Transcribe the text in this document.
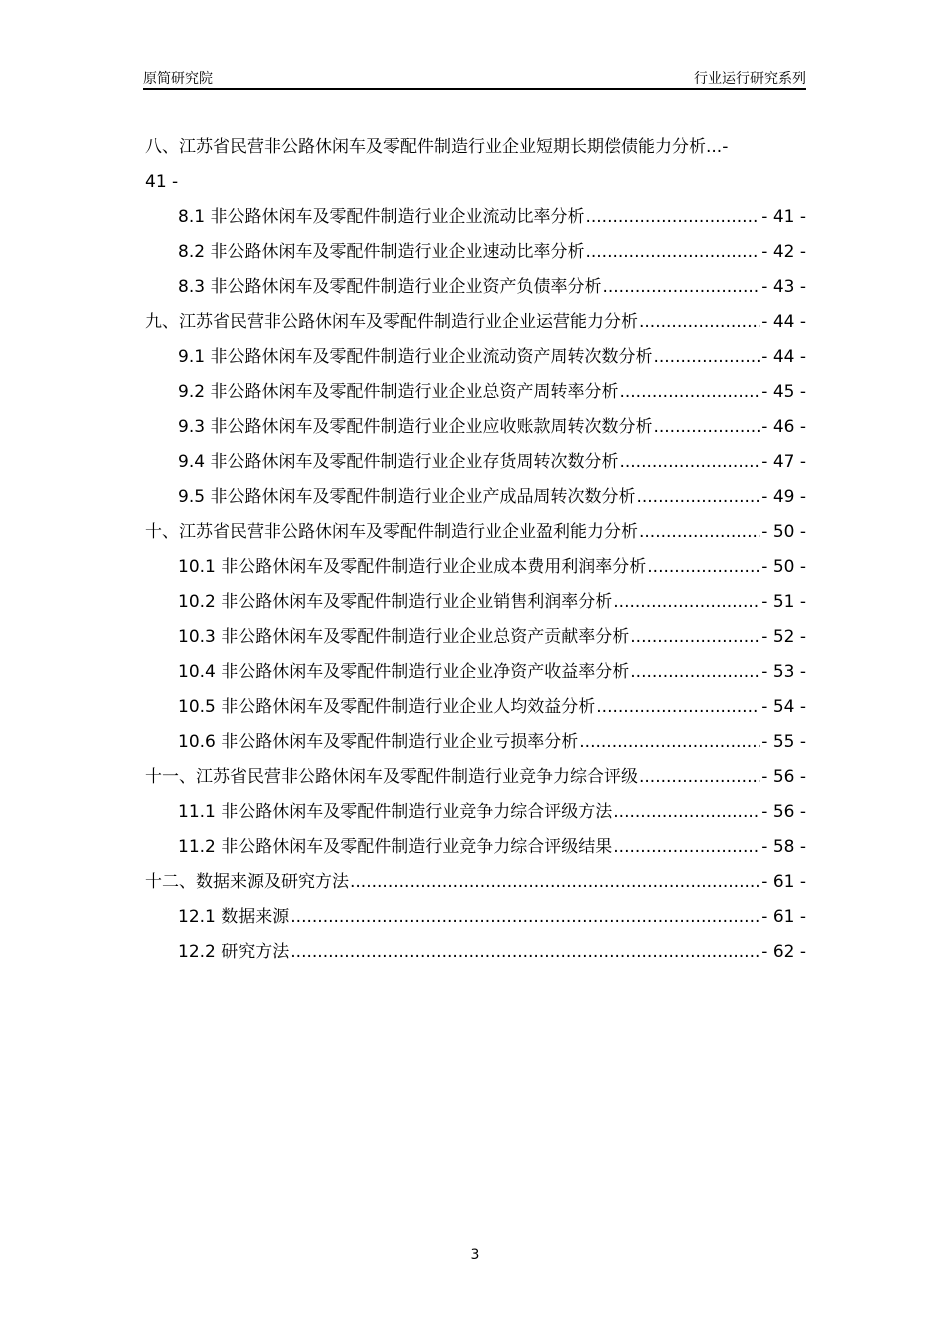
原简研究院	行业运行研究系列
八、江苏省民营非公路休闲车及零配件制造行业企业短期长期偿债能力分析...-
41 -
8.1 非公路休闲车及零配件制造行业企业流动比率分析 .....	- 41 -
8.2 非公路休闲车及零配件制造行业企业速动比率分析 .....	- 42 -
8.3 非公路休闲车及零配件制造行业企业资产负债率分析 .....	- 43 -
九、江苏省民营非公路休闲车及零配件制造行业企业运营能力分析 .....	- 44 -
9.1 非公路休闲车及零配件制造行业企业流动资产周转次数分析 .....	- 44 -
9.2 非公路休闲车及零配件制造行业企业总资产周转率分析 .....	- 45 -
9.3 非公路休闲车及零配件制造行业企业应收账款周转次数分析 .....	- 46 -
9.4 非公路休闲车及零配件制造行业企业存货周转次数分析 .....	- 47 -
9.5 非公路休闲车及零配件制造行业企业产成品周转次数分析 .....	- 49 -
十、江苏省民营非公路休闲车及零配件制造行业企业盈利能力分析 .....	- 50 -
10.1 非公路休闲车及零配件制造行业企业成本费用利润率分析 .....	- 50 -
10.2 非公路休闲车及零配件制造行业企业销售利润率分析 .....	- 51 -
10.3 非公路休闲车及零配件制造行业企业总资产贡献率分析 .....	- 52 -
10.4 非公路休闲车及零配件制造行业企业净资产收益率分析 .....	- 53 -
10.5 非公路休闲车及零配件制造行业企业人均效益分析 .....	- 54 -
10.6 非公路休闲车及零配件制造行业企业亏损率分析 .....	- 55 -
十一、江苏省民营非公路休闲车及零配件制造行业竞争力综合评级 .....	- 56 -
11.1 非公路休闲车及零配件制造行业竞争力综合评级方法 .....	- 56 -
11.2 非公路休闲车及零配件制造行业竞争力综合评级结果 .....	- 58 -
十二、数据来源及研究方法 .....	- 61 -
12.1 数据来源 .....	- 61 -
12.2 研究方法 .....	- 62 -
3
